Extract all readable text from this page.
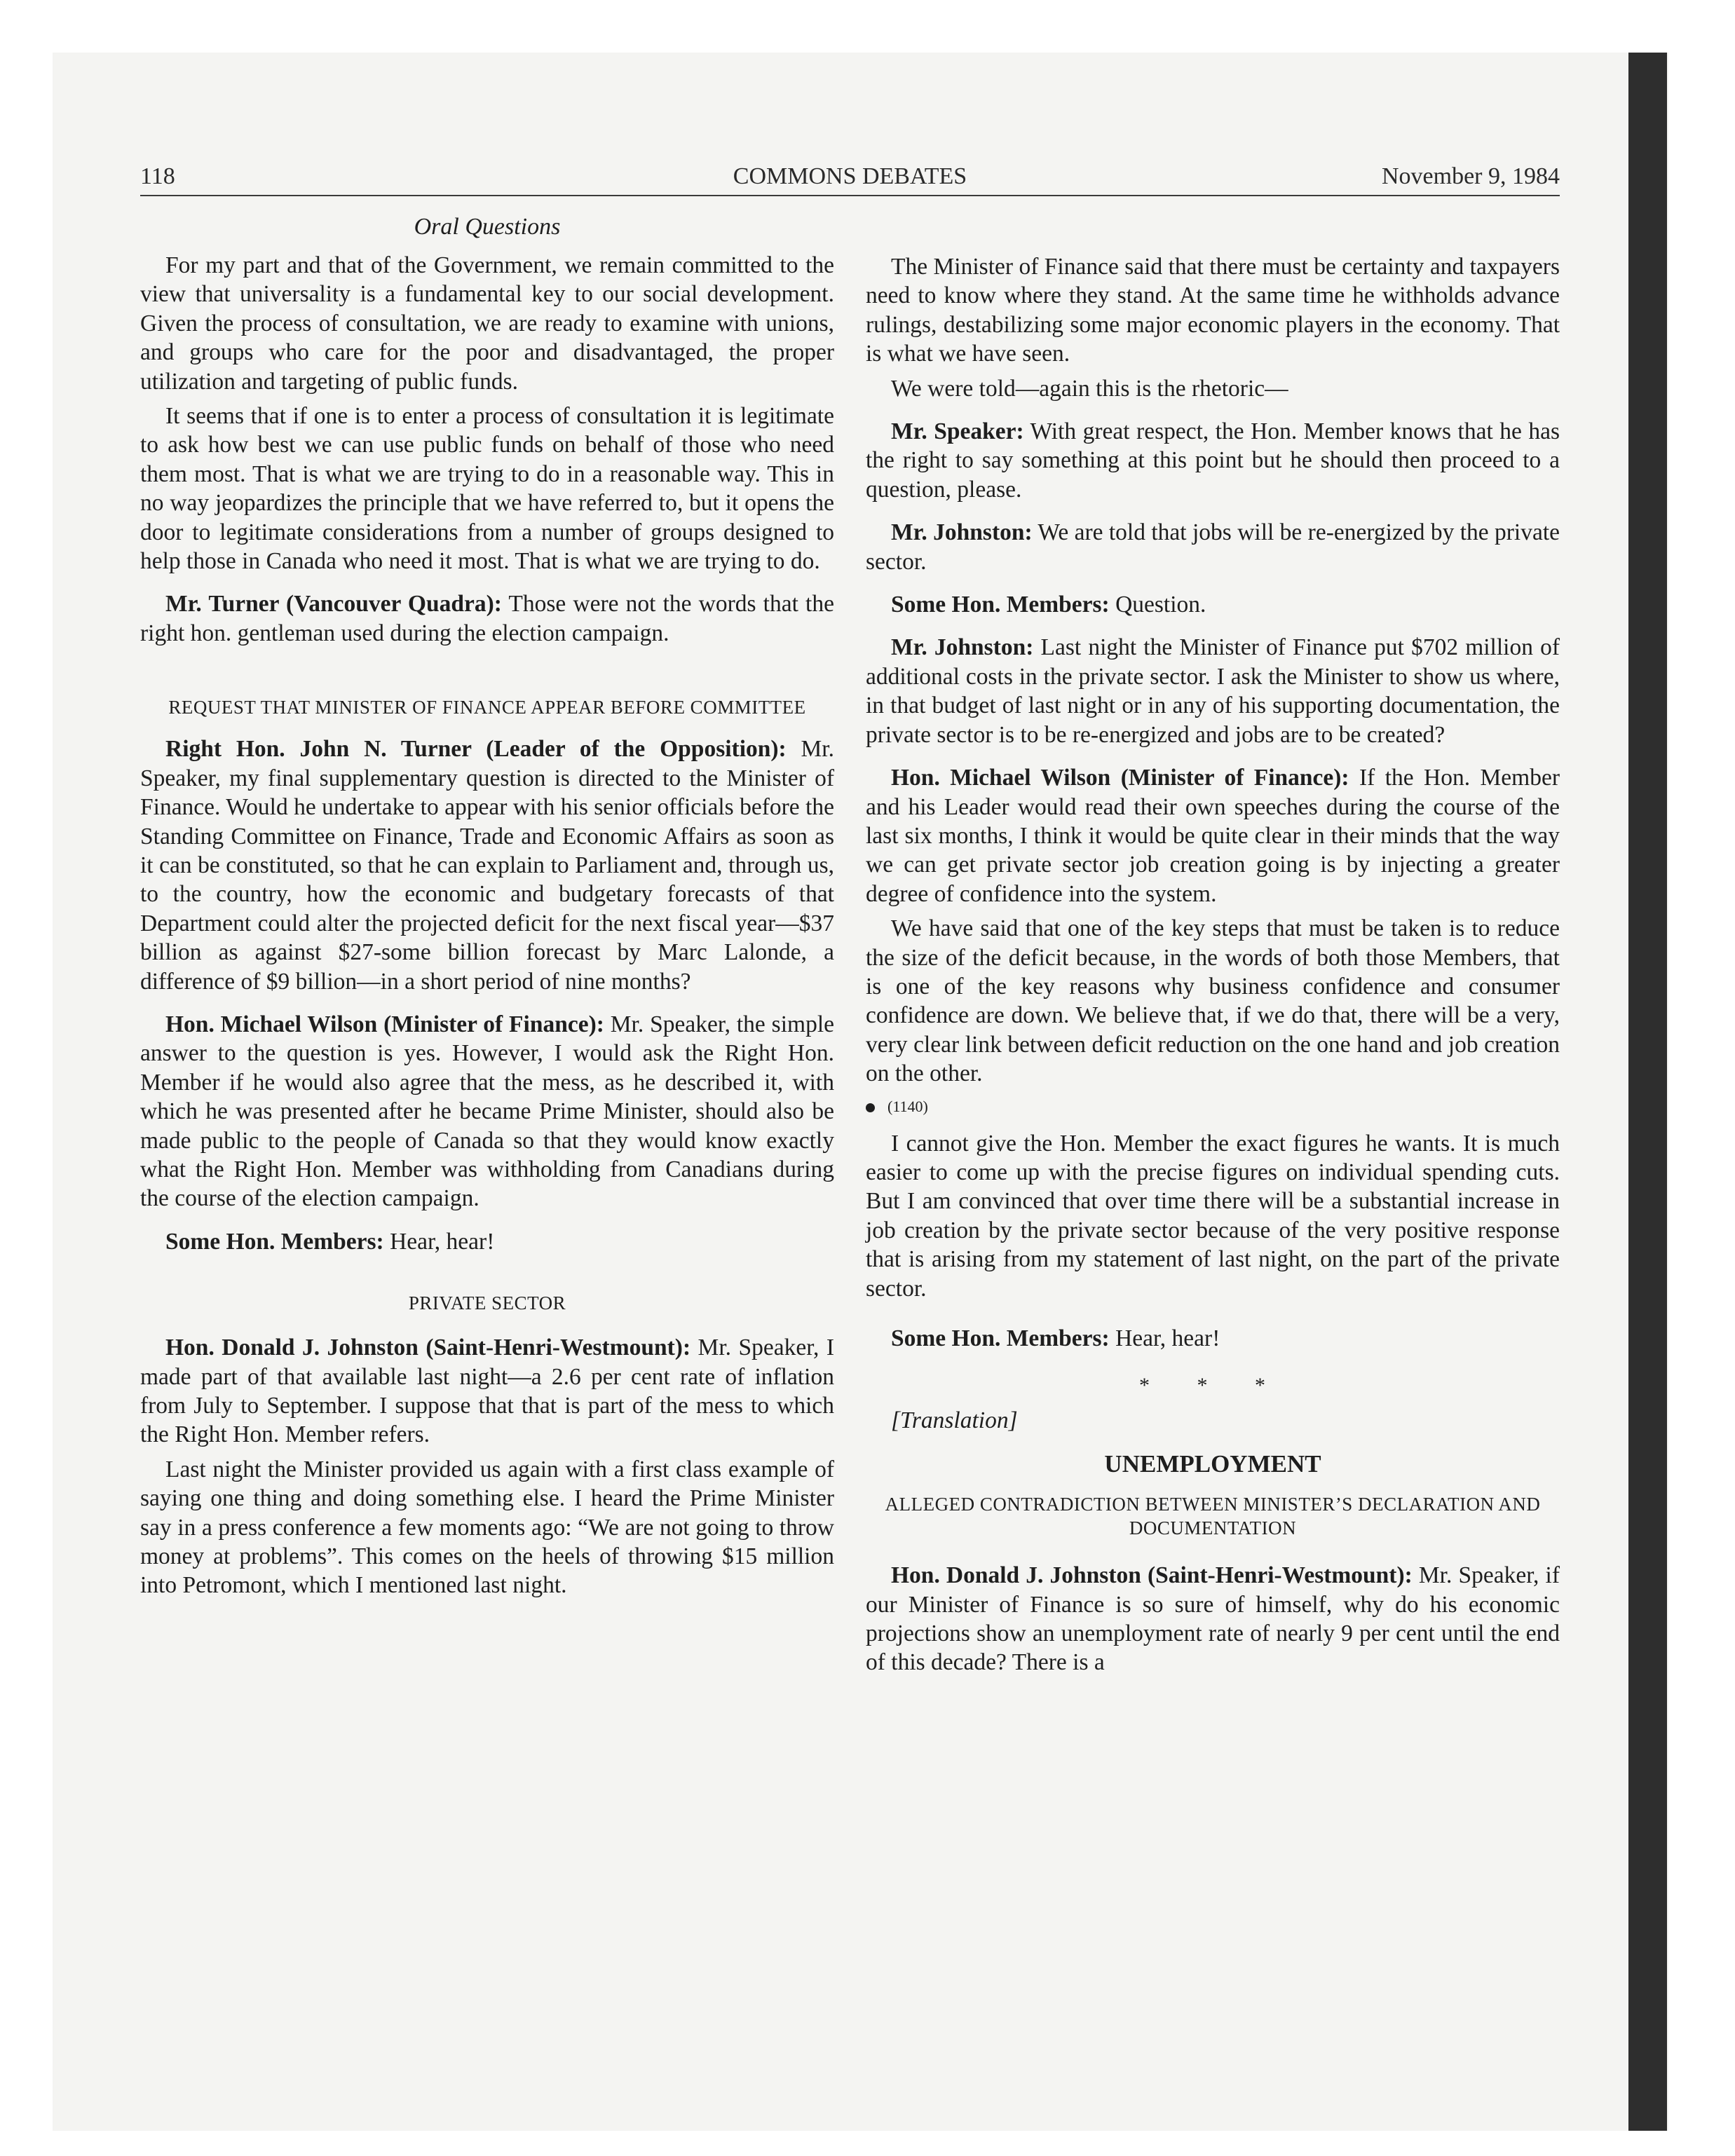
118	COMMONS DEBATES	November 9, 1984
Oral Questions

For my part and that of the Government, we remain committed to the view that universality is a fundamental key to our social development. Given the process of consultation, we are ready to examine with unions, and groups who care for the poor and disadvantaged, the proper utilization and targeting of public funds.

It seems that if one is to enter a process of consultation it is legitimate to ask how best we can use public funds on behalf of those who need them most. That is what we are trying to do in a reasonable way. This in no way jeopardizes the principle that we have referred to, but it opens the door to legitimate considerations from a number of groups designed to help those in Canada who need it most. That is what we are trying to do.

Mr. Turner (Vancouver Quadra): Those were not the words that the right hon. gentleman used during the election campaign.

REQUEST THAT MINISTER OF FINANCE APPEAR BEFORE COMMITTEE

Right Hon. John N. Turner (Leader of the Opposition): Mr. Speaker, my final supplementary question is directed to the Minister of Finance. Would he undertake to appear with his senior officials before the Standing Committee on Finance, Trade and Economic Affairs as soon as it can be constituted, so that he can explain to Parliament and, through us, to the country, how the economic and budgetary forecasts of that Department could alter the projected deficit for the next fiscal year—$37 billion as against $27-some billion forecast by Marc Lalonde, a difference of $9 billion—in a short period of nine months?

Hon. Michael Wilson (Minister of Finance): Mr. Speaker, the simple answer to the question is yes. However, I would ask the Right Hon. Member if he would also agree that the mess, as he described it, with which he was presented after he became Prime Minister, should also be made public to the people of Canada so that they would know exactly what the Right Hon. Member was withholding from Canadians during the course of the election campaign.

Some Hon. Members: Hear, hear!

PRIVATE SECTOR

Hon. Donald J. Johnston (Saint-Henri-Westmount): Mr. Speaker, I made part of that available last night—a 2.6 per cent rate of inflation from July to September. I suppose that that is part of the mess to which the Right Hon. Member refers.

Last night the Minister provided us again with a first class example of saying one thing and doing something else. I heard the Prime Minister say in a press conference a few moments ago: “We are not going to throw money at problems”. This comes on the heels of throwing $15 million into Petromont, which I mentioned last night.

The Minister of Finance said that there must be certainty and taxpayers need to know where they stand. At the same time he withholds advance rulings, destabilizing some major economic players in the economy. That is what we have seen.

We were told—again this is the rhetoric—

Mr. Speaker: With great respect, the Hon. Member knows that he has the right to say something at this point but he should then proceed to a question, please.

Mr. Johnston: We are told that jobs will be re-energized by the private sector.

Some Hon. Members: Question.

Mr. Johnston: Last night the Minister of Finance put $702 million of additional costs in the private sector. I ask the Minister to show us where, in that budget of last night or in any of his supporting documentation, the private sector is to be re-energized and jobs are to be created?

Hon. Michael Wilson (Minister of Finance): If the Hon. Member and his Leader would read their own speeches during the course of the last six months, I think it would be quite clear in their minds that the way we can get private sector job creation going is by injecting a greater degree of confidence into the system.

We have said that one of the key steps that must be taken is to reduce the size of the deficit because, in the words of both those Members, that is one of the key reasons why business confidence and consumer confidence are down. We believe that, if we do that, there will be a very, very clear link between deficit reduction on the one hand and job creation on the other.

(1140)

I cannot give the Hon. Member the exact figures he wants. It is much easier to come up with the precise figures on individual spending cuts. But I am convinced that over time there will be a substantial increase in job creation by the private sector because of the very positive response that is arising from my statement of last night, on the part of the private sector.

Some Hon. Members: Hear, hear!

* * *

[Translation]

UNEMPLOYMENT
ALLEGED CONTRADICTION BETWEEN MINISTER’S DECLARATION AND DOCUMENTATION

Hon. Donald J. Johnston (Saint-Henri-Westmount): Mr. Speaker, if our Minister of Finance is so sure of himself, why do his economic projections show an unemployment rate of nearly 9 per cent until the end of this decade? There is a
